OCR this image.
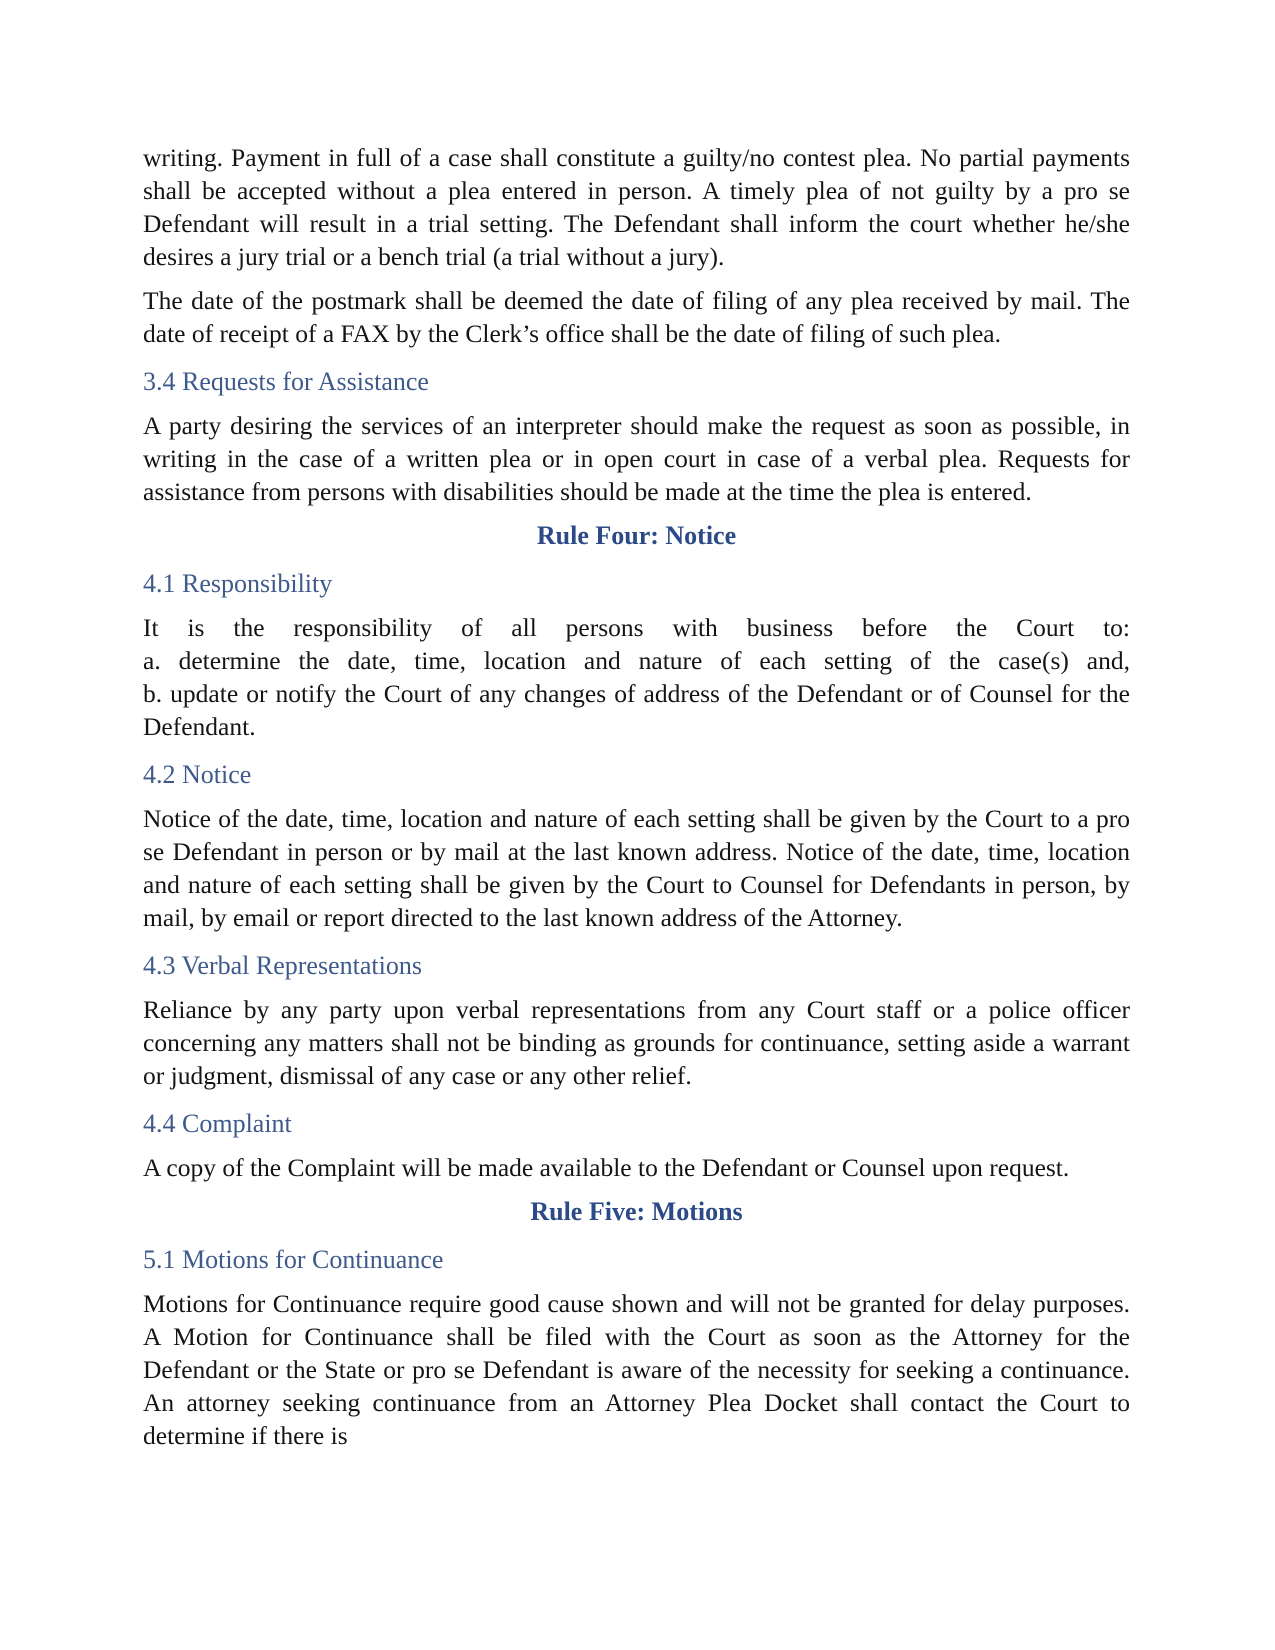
writing. Payment in full of a case shall constitute a guilty/no contest plea. No partial payments shall be accepted without a plea entered in person. A timely plea of not guilty by a pro se Defendant will result in a trial setting. The Defendant shall inform the court whether he/she desires a jury trial or a bench trial (a trial without a jury).

The date of the postmark shall be deemed the date of filing of any plea received by mail. The date of receipt of a FAX by the Clerk’s office shall be the date of filing of such plea.

3.4 Requests for Assistance

A party desiring the services of an interpreter should make the request as soon as possible, in writing in the case of a written plea or in open court in case of a verbal plea. Requests for assistance from persons with disabilities should be made at the time the plea is entered.

Rule Four: Notice
4.1 Responsibility
It is the responsibility of all persons with business before the Court to:
a. determine the date, time, location and nature of each setting of the case(s) and,
b. update or notify the Court of any changes of address of the Defendant or of Counsel for the Defendant.
4.2 Notice

Notice of the date, time, location and nature of each setting shall be given by the Court to a pro se Defendant in person or by mail at the last known address. Notice of the date, time, location and nature of each setting shall be given by the Court to Counsel for Defendants in person, by mail, by email or report directed to the last known address of the Attorney.

4.3 Verbal Representations

Reliance by any party upon verbal representations from any Court staff or a police officer concerning any matters shall not be binding as grounds for continuance, setting aside a warrant or judgment, dismissal of any case or any other relief.

4.4 Complaint

A copy of the Complaint will be made available to the Defendant or Counsel upon request.

Rule Five: Motions
5.1 Motions for Continuance

Motions for Continuance require good cause shown and will not be granted for delay purposes. A Motion for Continuance shall be filed with the Court as soon as the Attorney for the Defendant or the State or pro se Defendant is aware of the necessity for seeking a continuance. An attorney seeking continuance from an Attorney Plea Docket shall contact the Court to determine if there is
